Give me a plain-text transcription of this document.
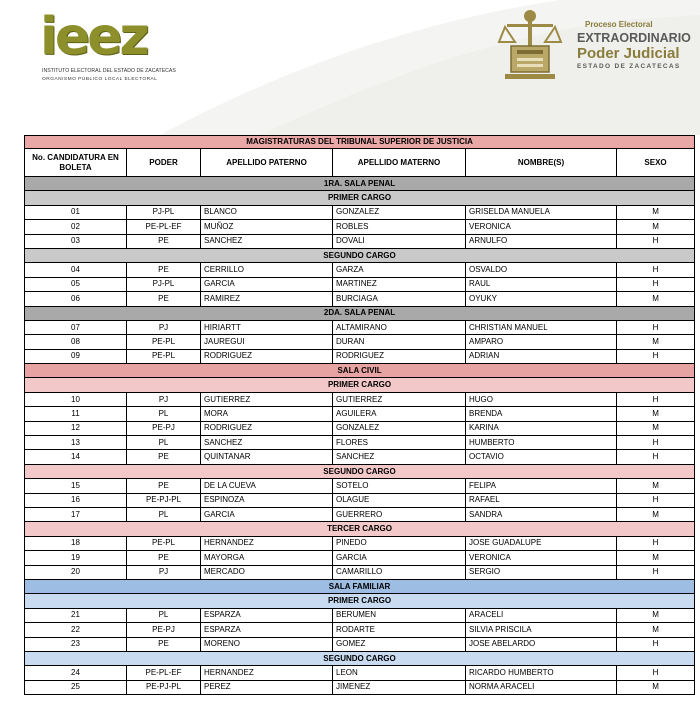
ieez
INSTITUTO ELECTORAL DEL ESTADO DE ZACATECAS
ORGANISMO PÚBLICO LOCAL ELECTORAL
Proceso Electoral
EXTRAORDINARIO
Poder Judicial
ESTADO DE ZACATECAS
MAGISTRATURAS DEL TRIBUNAL SUPERIOR DE JUSTICIA					
No. CANDIDATURA EN BOLETA	PODER	APELLIDO PATERNO	APELLIDO MATERNO	NOMBRE(S)	SEXO
1RA. SALA PENAL					
PRIMER CARGO					
01	PJ-PL	BLANCO	GONZALEZ	GRISELDA MANUELA	M
02	PE-PL-EF	MUÑOZ	ROBLES	VERONICA	M
03	PE	SANCHEZ	DOVALI	ARNULFO	H
SEGUNDO CARGO					
04	PE	CERRILLO	GARZA	OSVALDO	H
05	PJ-PL	GARCIA	MARTINEZ	RAUL	H
06	PE	RAMIREZ	BURCIAGA	OYUKY	M
2DA. SALA PENAL					
07	PJ	HIRIARTT	ALTAMIRANO	CHRISTIAN MANUEL	H
08	PE-PL	JAUREGUI	DURAN	AMPARO	M
09	PE-PL	RODRIGUEZ	RODRIGUEZ	ADRIAN	H
SALA CIVIL					
PRIMER CARGO					
10	PJ	GUTIERREZ	GUTIERREZ	HUGO	H
11	PL	MORA	AGUILERA	BRENDA	M
12	PE-PJ	RODRIGUEZ	GONZALEZ	KARINA	M
13	PL	SANCHEZ	FLORES	HUMBERTO	H
14	PE	QUINTANAR	SANCHEZ	OCTAVIO	H
SEGUNDO CARGO					
15	PE	DE LA CUEVA	SOTELO	FELIPA	M
16	PE-PJ-PL	ESPINOZA	OLAGUE	RAFAEL	H
17	PL	GARCIA	GUERRERO	SANDRA	M
TERCER CARGO					
18	PE-PL	HERNANDEZ	PINEDO	JOSE GUADALUPE	H
19	PE	MAYORGA	GARCIA	VERONICA	M
20	PJ	MERCADO	CAMARILLO	SERGIO	H
SALA FAMILIAR					
PRIMER CARGO					
21	PL	ESPARZA	BERUMEN	ARACELI	M
22	PE-PJ	ESPARZA	RODARTE	SILVIA PRISCILA	M
23	PE	MORENO	GOMEZ	JOSE ABELARDO	H
SEGUNDO CARGO					
24	PE-PL-EF	HERNANDEZ	LEON	RICARDO HUMBERTO	H
25	PE-PJ-PL	PEREZ	JIMENEZ	NORMA ARACELI	M
